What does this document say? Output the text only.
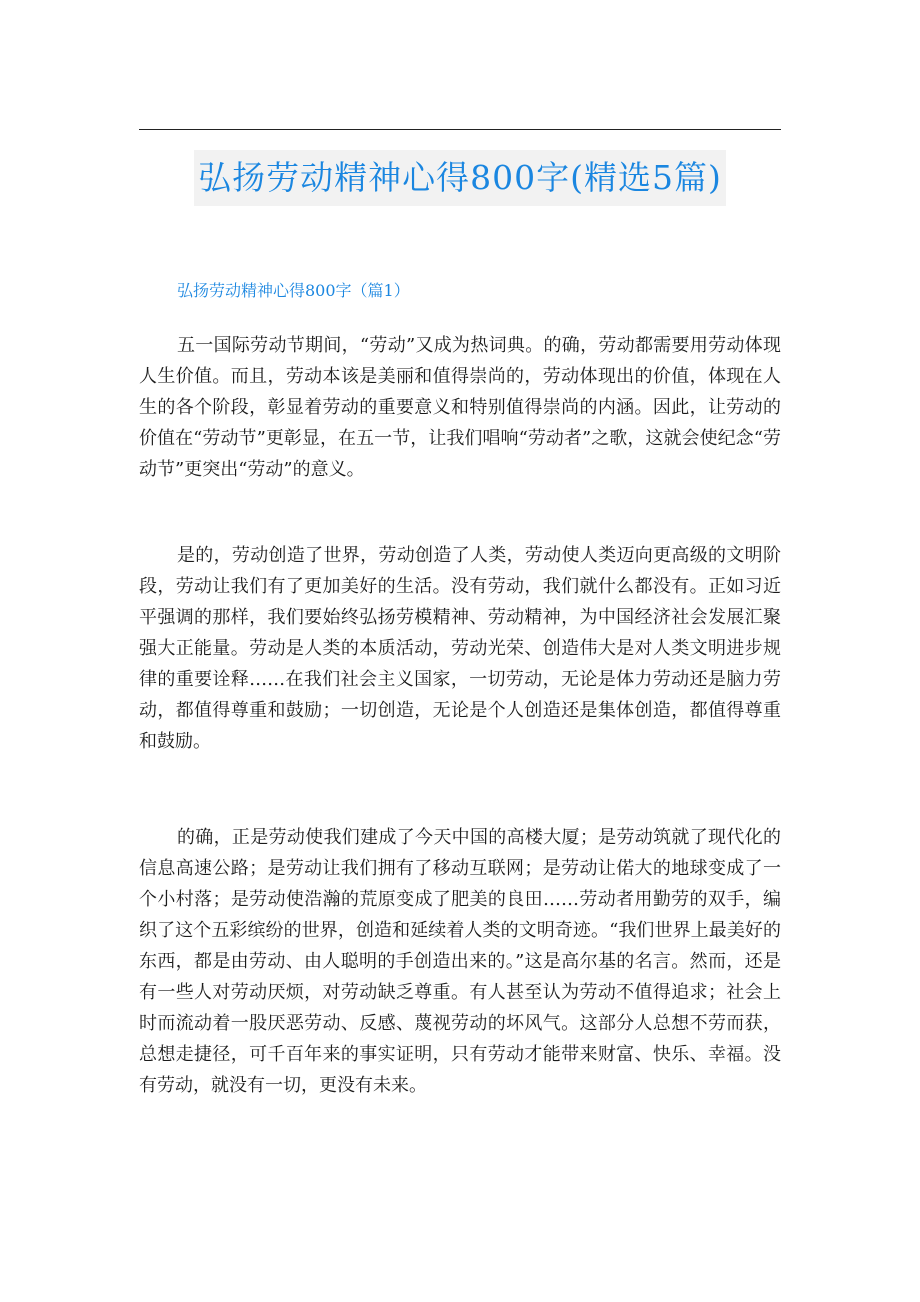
弘扬劳动精神心得800字(精选5篇)
弘扬劳动精神心得800字（篇1）

五一国际劳动节期间，“劳动”又成为热词典。的确，劳动都需要用劳动体现人生价值。而且，劳动本该是美丽和值得崇尚的，劳动体现出的价值，体现在人生的各个阶段，彰显着劳动的重要意义和特别值得崇尚的内涵。因此，让劳动的价值在“劳动节”更彰显，在五一节，让我们唱响“劳动者”之歌，这就会使纪念“劳动节”更突出“劳动”的意义。

是的，劳动创造了世界，劳动创造了人类，劳动使人类迈向更高级的文明阶段，劳动让我们有了更加美好的生活。没有劳动，我们就什么都没有。正如习近平强调的那样，我们要始终弘扬劳模精神、劳动精神，为中国经济社会发展汇聚强大正能量。劳动是人类的本质活动，劳动光荣、创造伟大是对人类文明进步规律的重要诠释……在我们社会主义国家，一切劳动，无论是体力劳动还是脑力劳动，都值得尊重和鼓励；一切创造，无论是个人创造还是集体创造，都值得尊重和鼓励。

的确，正是劳动使我们建成了今天中国的高楼大厦；是劳动筑就了现代化的信息高速公路；是劳动让我们拥有了移动互联网；是劳动让偌大的地球变成了一个小村落；是劳动使浩瀚的荒原变成了肥美的良田……劳动者用勤劳的双手，编织了这个五彩缤纷的世界，创造和延续着人类的文明奇迹。“我们世界上最美好的东西，都是由劳动、由人聪明的手创造出来的。”这是高尔基的名言。然而，还是有一些人对劳动厌烦，对劳动缺乏尊重。有人甚至认为劳动不值得追求；社会上时而流动着一股厌恶劳动、反感、蔑视劳动的坏风气。这部分人总想不劳而获，总想走捷径，可千百年来的事实证明，只有劳动才能带来财富、快乐、幸福。没有劳动，就没有一切，更没有未来。
